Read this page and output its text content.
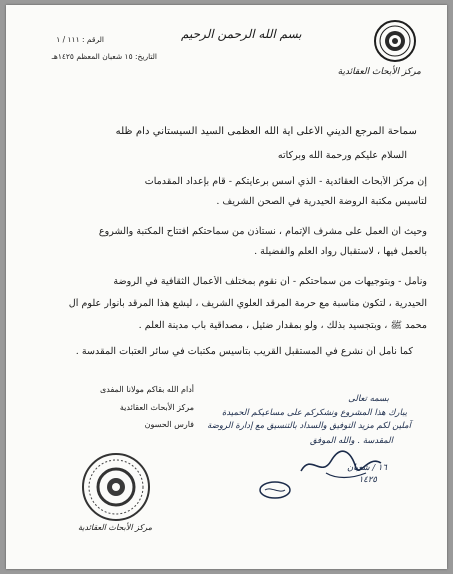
الرقم : ١١١ / ١
التاريخ: ١٥ شعبان المعظم ١٤٢٥هـ
بسم الله الرحمن الرحيم
مركز الأبحاث العقائدية
سماحة المرجع الديني الأعلى آية الله العظمى السيد السيستاني دام ظله
السلام عليكم ورحمة الله وبركاته
إن مركز الأبحاث العقائدية - الذي أسس برعايتكم - قام بإعداد المقدمات
لتأسيس مكتبة الروضة الحيدرية في الصحن الشريف .
وحيث أن العمل على مشرف الإتمام ، نستأذن من سماحتكم افتتاح المكتبة والشروع
بالعمل فيها ، لاستقبال رواد العلم والفضيلة .
ونأمل - وبتوجيهات من سماحتكم - أن نقوم بمختلف الأعمال الثقافية في الروضة
الحيدرية ، لتكون مناسبة مع حرمة المرقد العلوي الشريف ، ليشع هذا المرقد بأنوار علوم آل
محمد ﷺ ، وبتجسيد بذلك ، ولو بمقدار ضئيل ، مصداقية باب مدينة العلم .
كما نأمل أن نشرع في المستقبل القريب بتأسيس مكتبات في سائر العتبات المقدسة .
أدام الله بقاكم مولانا المفدى
مركز الأبحاث العقائدية
فارس الحسون
مركز الأبحاث العقائدية
بسمه تعالى
يبارك هذا المشروع ونشكركم على مساعيكم الحميدة
آملين لكم مزيد التوفيق والسداد بالتنسيق مع إدارة الروضة
المقدسة . والله الموفق
١٦ / شعبان
١٤٢٥
